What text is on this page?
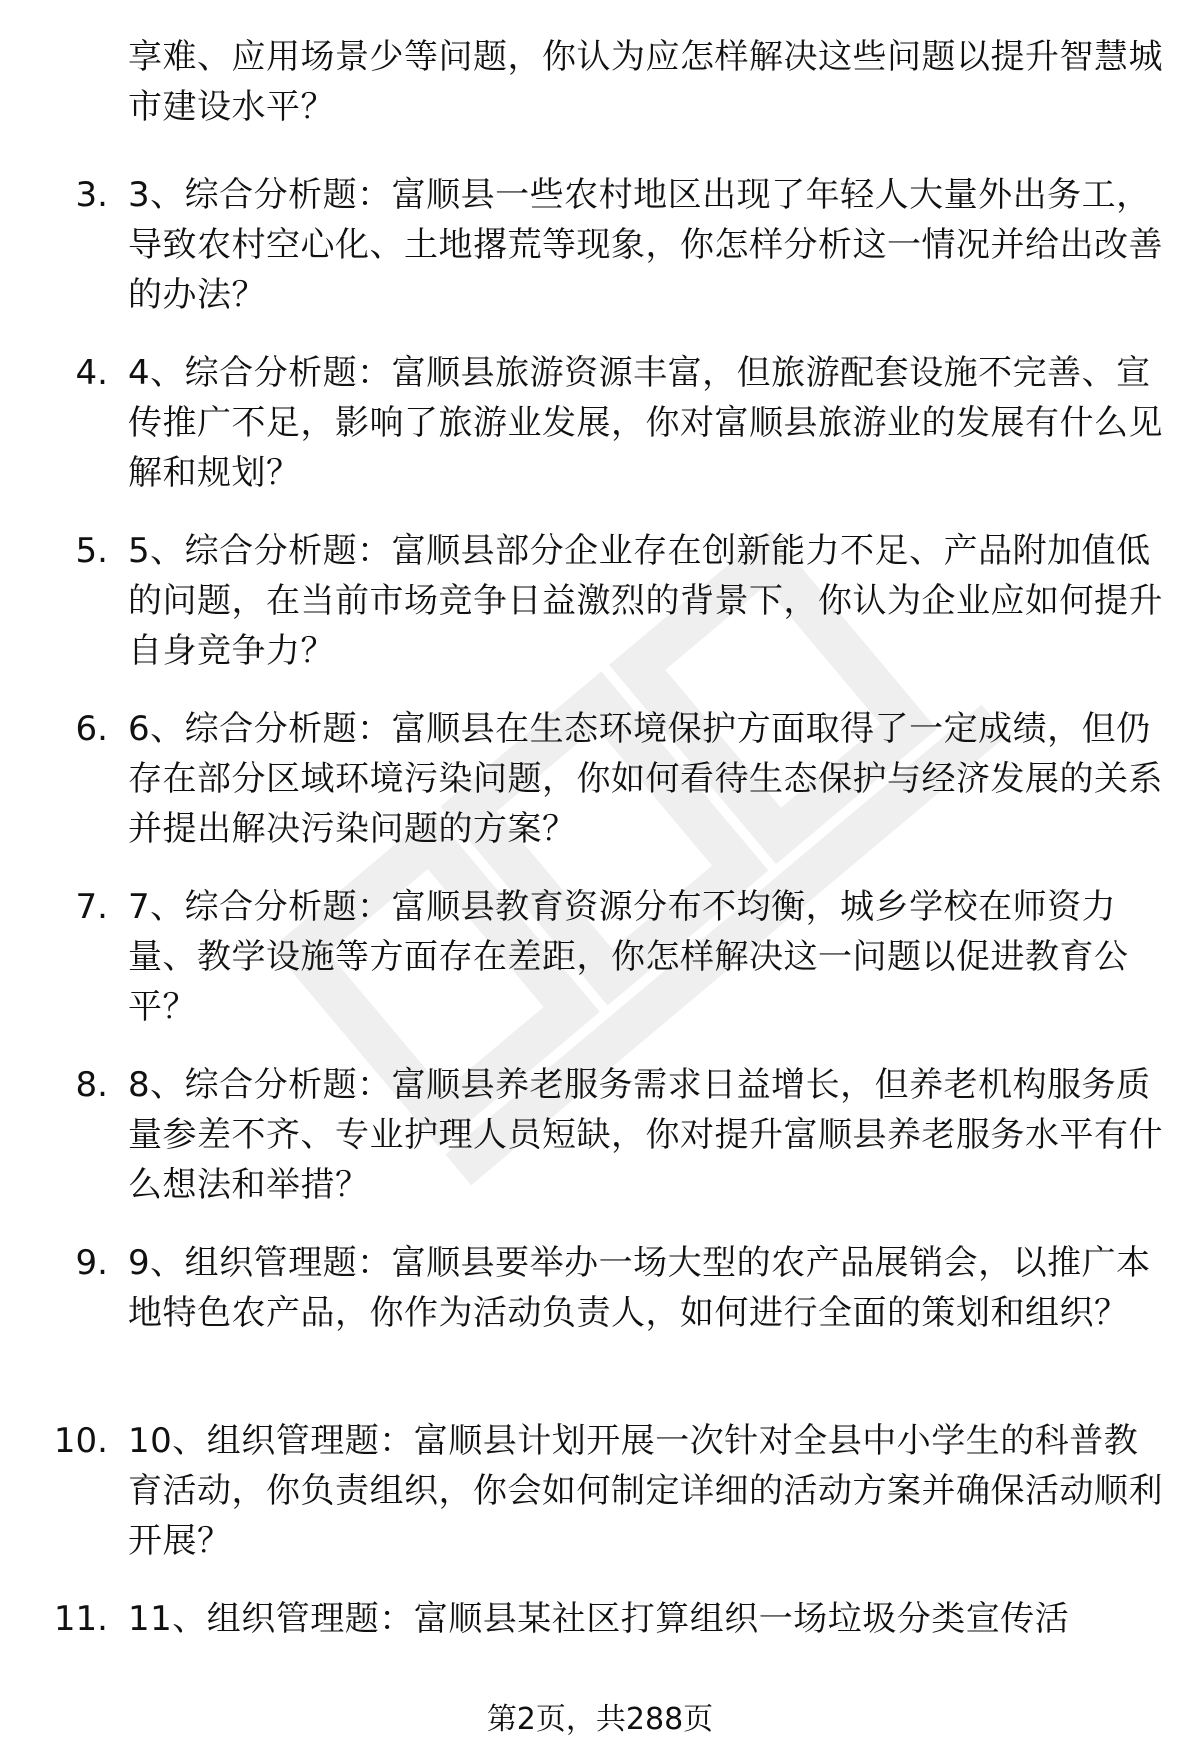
享难、应用场景少等问题，你认为应怎样解决这些问题以提升智慧城市建设水平？
3. 3、综合分析题：富顺县一些农村地区出现了年轻人大量外出务工，导致农村空心化、土地撂荒等现象，你怎样分析这一情况并给出改善的办法？
4. 4、综合分析题：富顺县旅游资源丰富，但旅游配套设施不完善、宣传推广不足，影响了旅游业发展，你对富顺县旅游业的发展有什么见解和规划？
5. 5、综合分析题：富顺县部分企业存在创新能力不足、产品附加值低的问题，在当前市场竞争日益激烈的背景下，你认为企业应如何提升自身竞争力？
6. 6、综合分析题：富顺县在生态环境保护方面取得了一定成绩，但仍存在部分区域环境污染问题，你如何看待生态保护与经济发展的关系并提出解决污染问题的方案？
7. 7、综合分析题：富顺县教育资源分布不均衡，城乡学校在师资力量、教学设施等方面存在差距，你怎样解决这一问题以促进教育公平？
8. 8、综合分析题：富顺县养老服务需求日益增长，但养老机构服务质量参差不齐、专业护理人员短缺，你对提升富顺县养老服务水平有什么想法和举措？
9. 9、组织管理题：富顺县要举办一场大型的农产品展销会，以推广本地特色农产品，你作为活动负责人，如何进行全面的策划和组织？
10. 10、组织管理题：富顺县计划开展一次针对全县中小学生的科普教育活动，你负责组织，你会如何制定详细的活动方案并确保活动顺利开展？
11. 11、组织管理题：富顺县某社区打算组织一场垃圾分类宣传活
第2页，共288页
